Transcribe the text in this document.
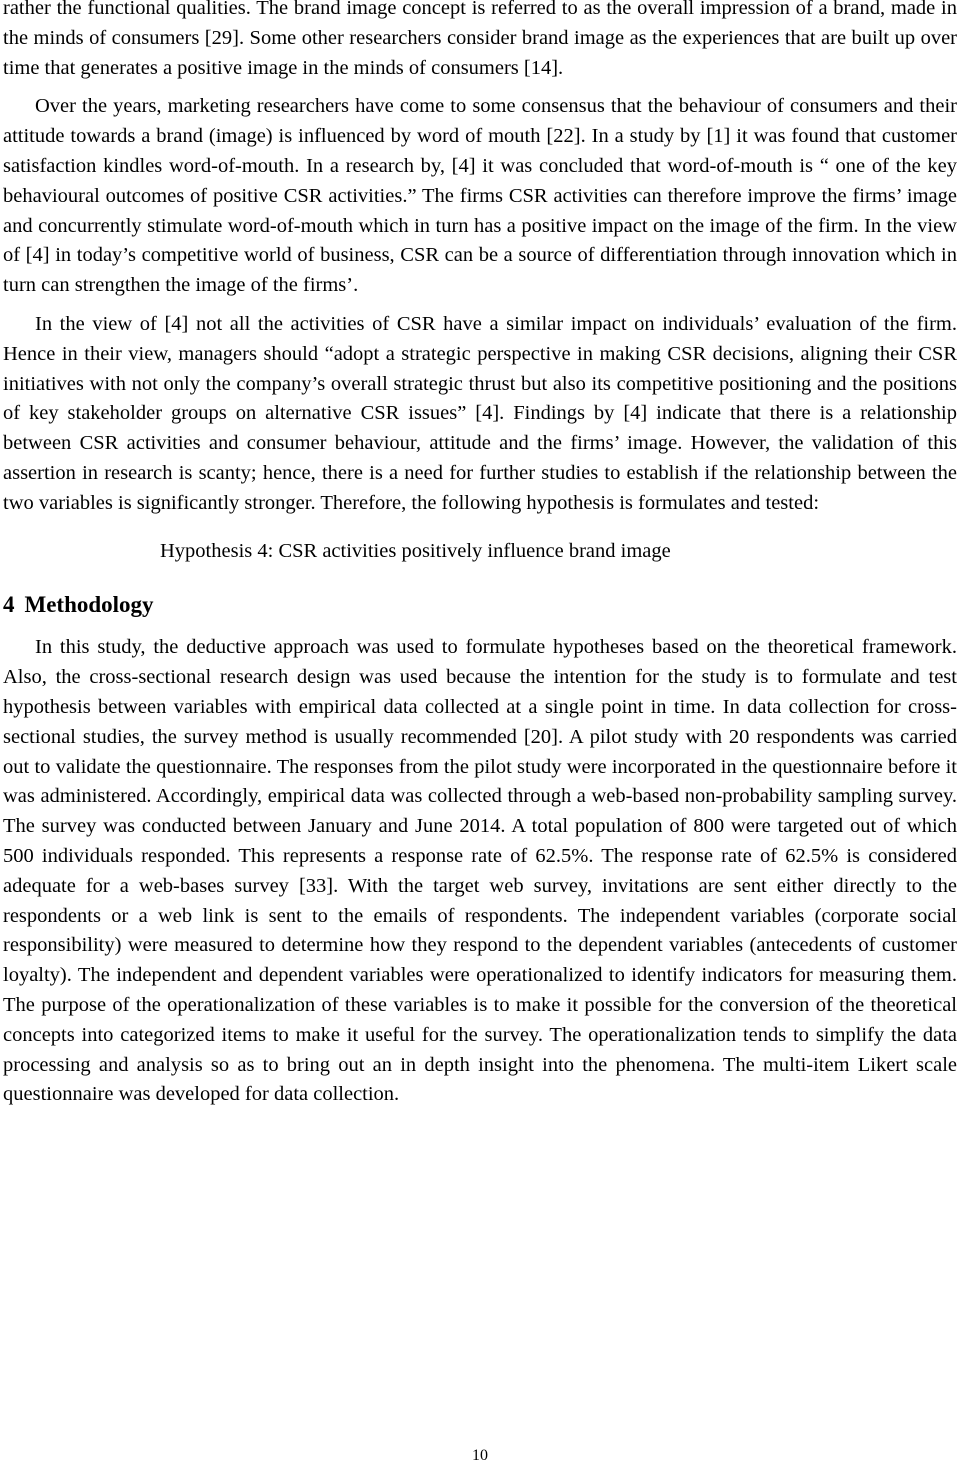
rather the functional qualities. The brand image concept is referred to as the overall impression of a brand, made in the minds of consumers [29]. Some other researchers consider brand image as the experiences that are built up over time that generates a positive image in the minds of consumers [14].

Over the years, marketing researchers have come to some consensus that the behaviour of consumers and their attitude towards a brand (image) is influenced by word of mouth [22]. In a study by [1] it was found that customer satisfaction kindles word-of-mouth. In a research by, [4] it was concluded that word-of-mouth is “ one of the key behavioural outcomes of positive CSR activities.” The firms CSR activities can therefore improve the firms’ image and concurrently stimulate word-of-mouth which in turn has a positive impact on the image of the firm. In the view of [4] in today’s competitive world of business, CSR can be a source of differentiation through innovation which in turn can strengthen the image of the firms’.

In the view of [4] not all the activities of CSR have a similar impact on individuals’ evaluation of the firm. Hence in their view, managers should “adopt a strategic perspective in making CSR decisions, aligning their CSR initiatives with not only the company’s overall strategic thrust but also its competitive positioning and the positions of key stakeholder groups on alternative CSR issues” [4]. Findings by [4] indicate that there is a relationship between CSR activities and consumer behaviour, attitude and the firms’ image. However, the validation of this assertion in research is scanty; hence, there is a need for further studies to establish if the relationship between the two variables is significantly stronger. Therefore, the following hypothesis is formulates and tested:

Hypothesis 4: CSR activities positively influence brand image

4 Methodology

In this study, the deductive approach was used to formulate hypotheses based on the theoretical framework. Also, the cross-sectional research design was used because the intention for the study is to formulate and test hypothesis between variables with empirical data collected at a single point in time. In data collection for cross-sectional studies, the survey method is usually recommended [20]. A pilot study with 20 respondents was carried out to validate the questionnaire. The responses from the pilot study were incorporated in the questionnaire before it was administered. Accordingly, empirical data was collected through a web-based non-probability sampling survey. The survey was conducted between January and June 2014. A total population of 800 were targeted out of which 500 individuals responded. This represents a response rate of 62.5%. The response rate of 62.5% is considered adequate for a web-bases survey [33]. With the target web survey, invitations are sent either directly to the respondents or a web link is sent to the emails of respondents. The independent variables (corporate social responsibility) were measured to determine how they respond to the dependent variables (antecedents of customer loyalty). The independent and dependent variables were operationalized to identify indicators for measuring them. The purpose of the operationalization of these variables is to make it possible for the conversion of the theoretical concepts into categorized items to make it useful for the survey. The operationalization tends to simplify the data processing and analysis so as to bring out an in depth insight into the phenomena. The multi-item Likert scale questionnaire was developed for data collection.

10
